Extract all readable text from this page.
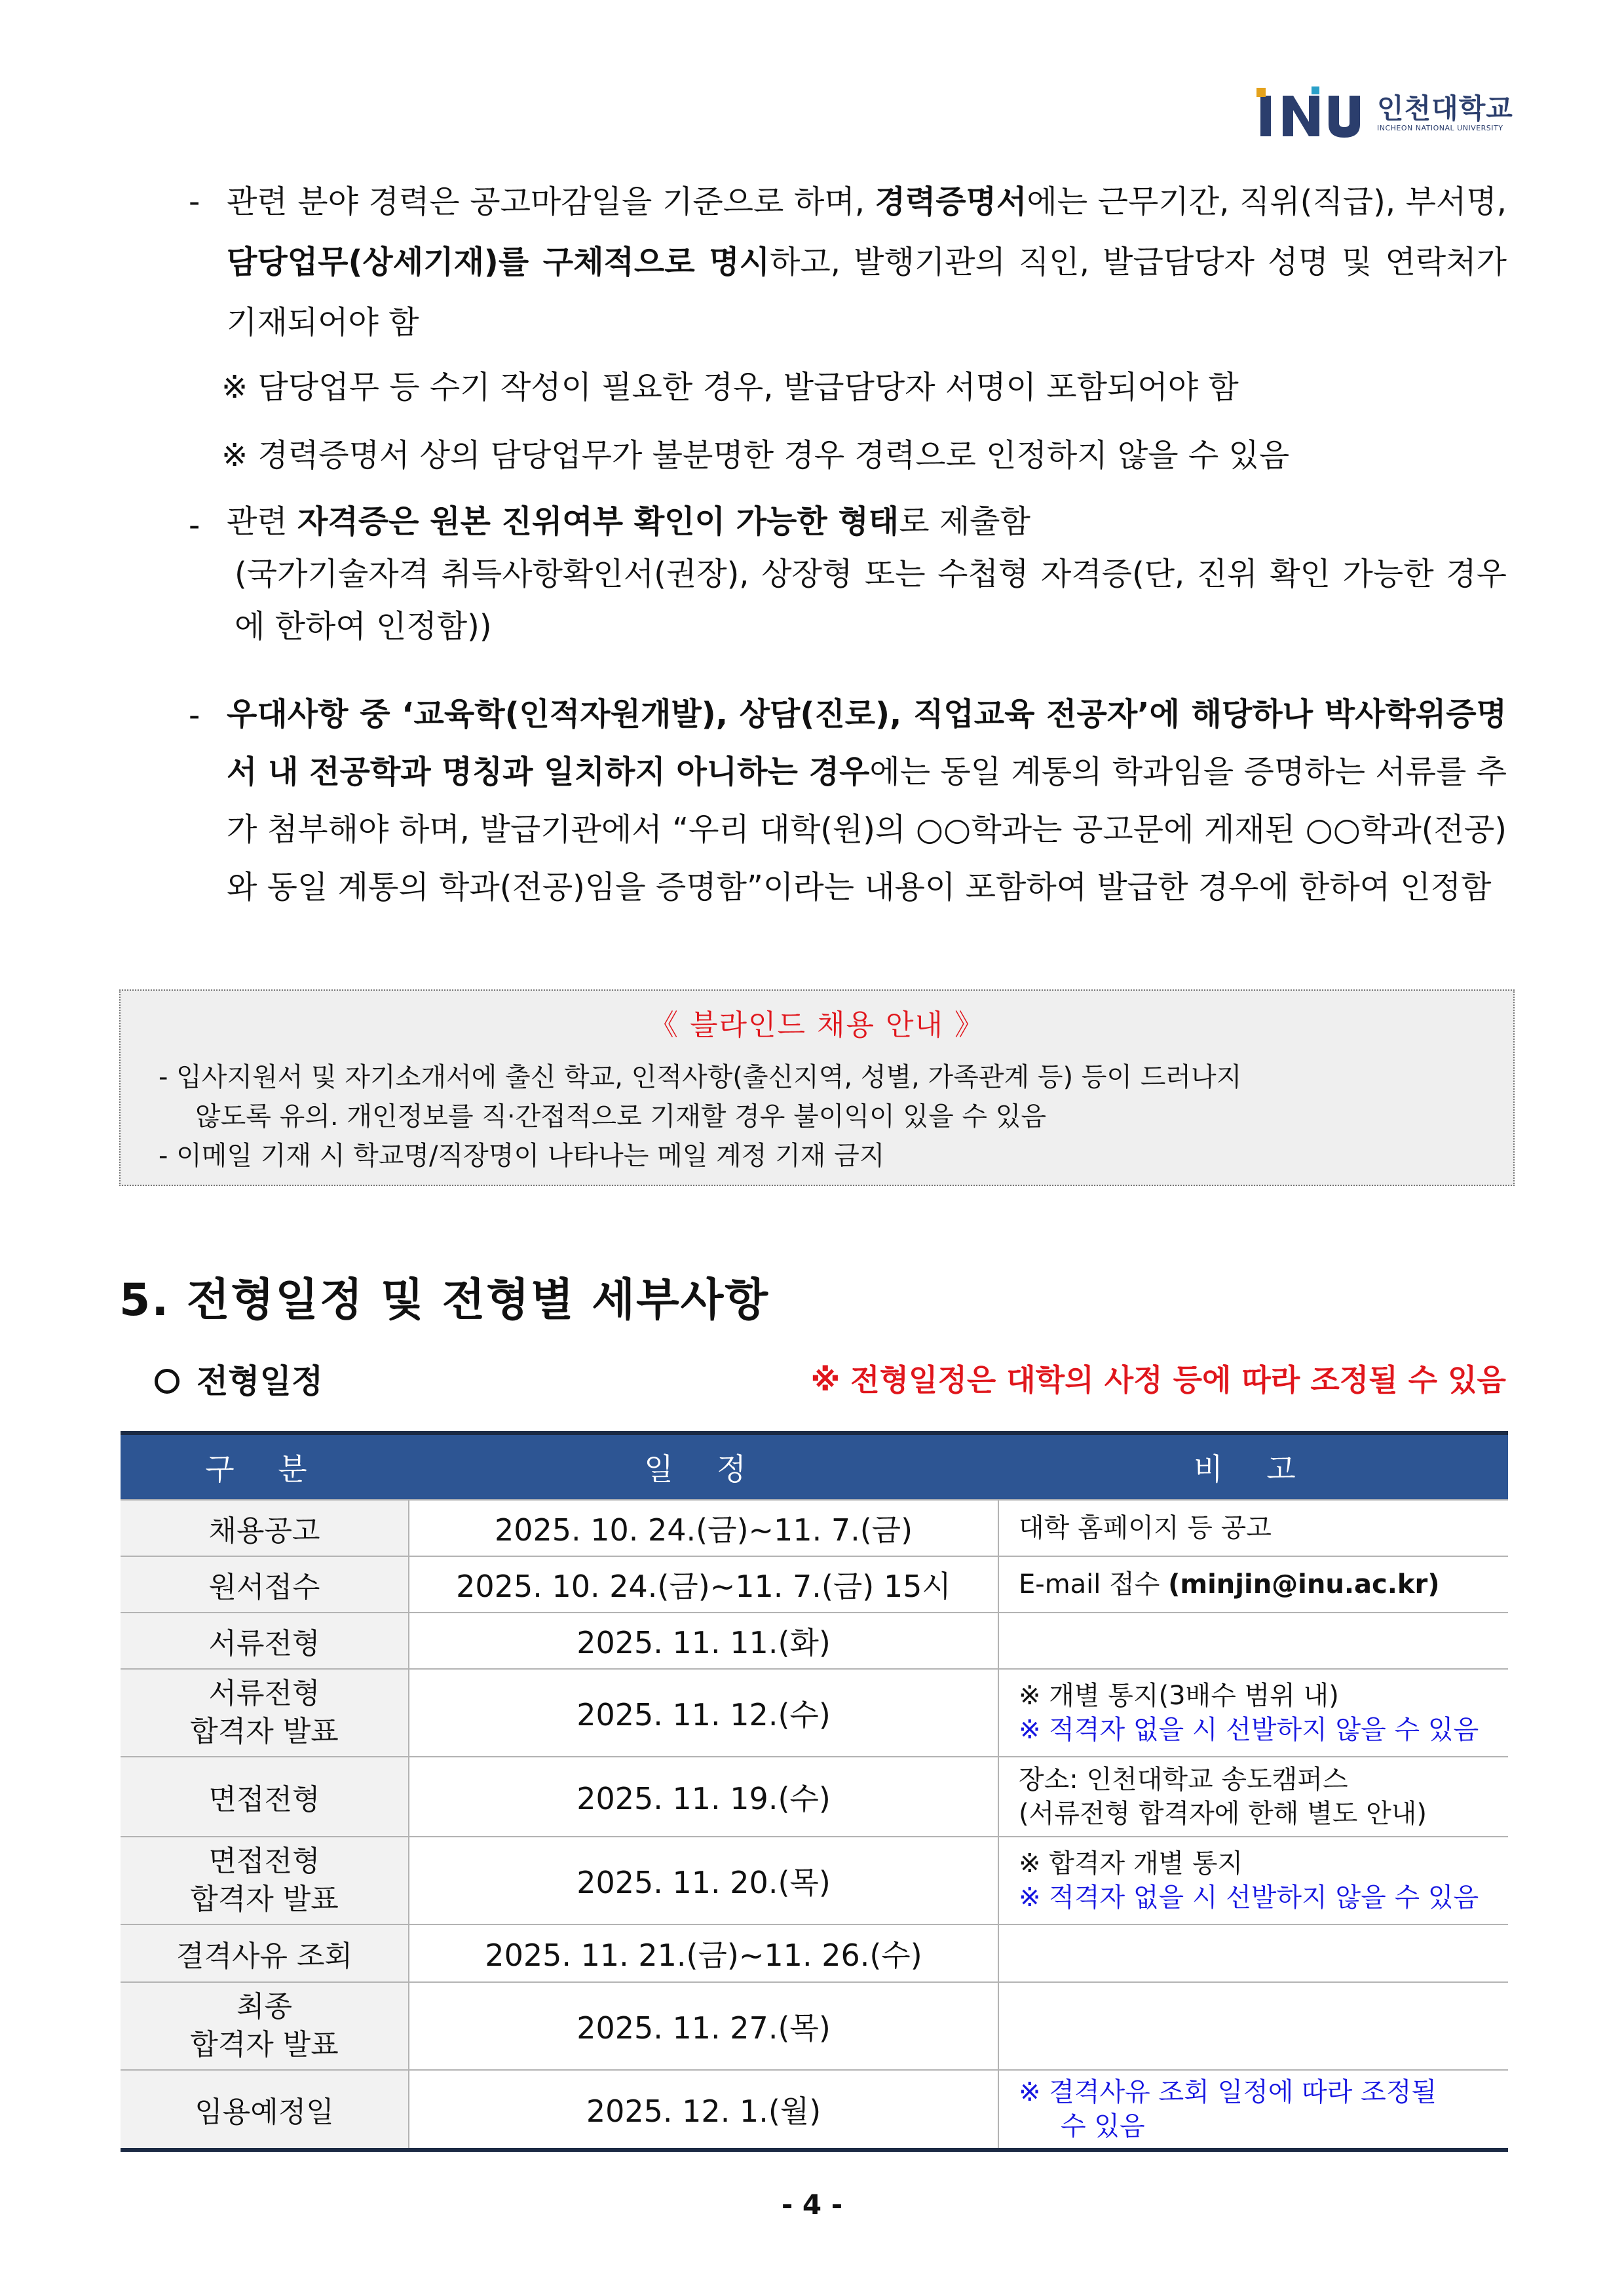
인천대학교
INCHEON NATIONAL UNIVERSITY
- 관련 분야 경력은 공고마감일을 기준으로 하며, 경력증명서에는 근무기간, 직위(직급), 부서명, 담당업무(상세기재)를 구체적으로 명시하고, 발행기관의 직인, 발급담당자 성명 및 연락처가 기재되어야 함
※ 담당업무 등 수기 작성이 필요한 경우, 발급담당자 서명이 포함되어야 함
※ 경력증명서 상의 담당업무가 불분명한 경우 경력으로 인정하지 않을 수 있음
- 관련 자격증은 원본 진위여부 확인이 가능한 형태로 제출함
(국가기술자격 취득사항확인서(권장), 상장형 또는 수첩형 자격증(단, 진위 확인 가능한 경우에 한하여 인정함))
- 우대사항 중 ‘교육학(인적자원개발), 상담(진로), 직업교육 전공자’에 해당하나 박사학위증명서 내 전공학과 명칭과 일치하지 아니하는 경우에는 동일 계통의 학과임을 증명하는 서류를 추가 첨부해야 하며, 발급기관에서 “우리 대학(원)의 ○○학과는 공고문에 게재된 ○○학과(전공)와 동일 계통의 학과(전공)임을 증명함”이라는 내용이 포함하여 발급한 경우에 한하여 인정함
《 블라인드 채용 안내 》
- 입사지원서 및 자기소개서에 출신 학교, 인적사항(출신지역, 성별, 가족관계 등) 등이 드러나지
않도록 유의. 개인정보를 직·간접적으로 기재할 경우 불이익이 있을 수 있음
- 이메일 기재 시 학교명/직장명이 나타나는 메일 계정 기재 금지
5. 전형일정 및 전형별 세부사항
전형일정	※ 전형일정은 대학의 사정 등에 따라 조정될 수 있음
구 분	일 정	비 고
채용공고	2025. 10. 24.(금)~11. 7.(금)	대학 홈페이지 등 공고
원서접수	2025. 10. 24.(금)~11. 7.(금) 15시	E-mail 접수 (minjin@inu.ac.kr)
서류전형	2025. 11. 11.(화)	
서류전형
합격자 발표	2025. 11. 12.(수)	※ 개별 통지(3배수 범위 내)
※ 적격자 없을 시 선발하지 않을 수 있음
면접전형	2025. 11. 19.(수)	장소: 인천대학교 송도캠퍼스
(서류전형 합격자에 한해 별도 안내)
면접전형
합격자 발표	2025. 11. 20.(목)	※ 합격자 개별 통지
※ 적격자 없을 시 선발하지 않을 수 있음
결격사유 조회	2025. 11. 21.(금)~11. 26.(수)	
최종
합격자 발표	2025. 11. 27.(목)	
임용예정일	2025. 12. 1.(월)	※ 결격사유 조회 일정에 따라 조정될
수 있음
- 4 -
